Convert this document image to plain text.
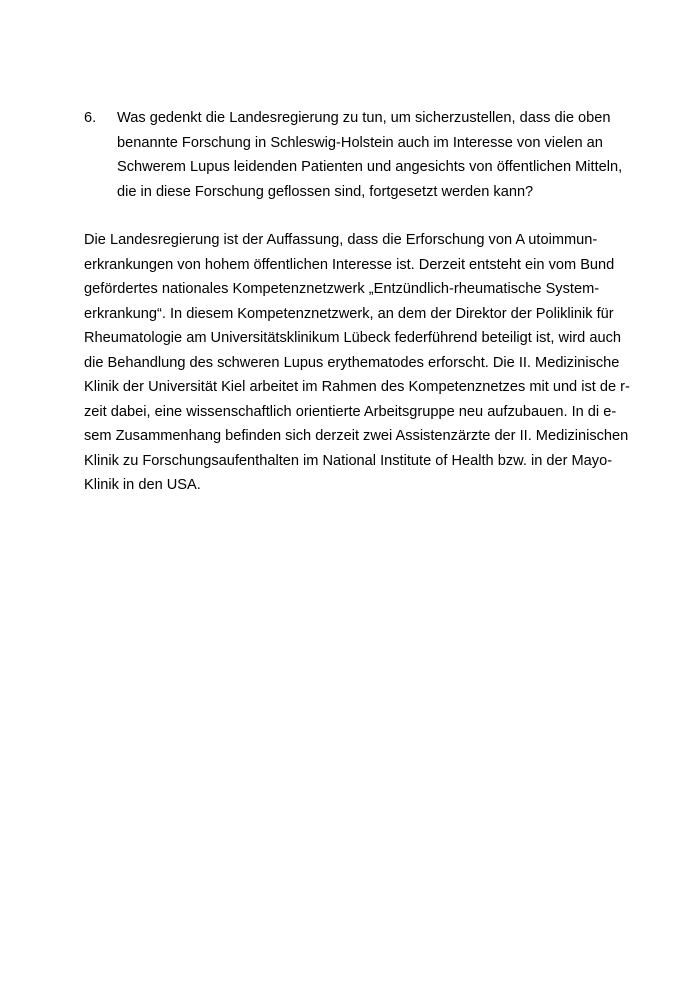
6. Was gedenkt die Landesregierung zu tun, um sicherzustellen, dass die oben
benannte Forschung in Schleswig-Holstein auch im Interesse von vielen an
Schwerem Lupus leidenden Patienten und angesichts von öffentlichen Mitteln,
die in diese Forschung geflossen sind, fortgesetzt werden kann?
Die Landesregierung ist der Auffassung, dass die Erforschung von A utoimmun-
erkrankungen von hohem öffentlichen Interesse ist. Derzeit entsteht ein vom Bund
gefördertes nationales Kompetenznetzwerk „Entzündlich-rheumatische System-
erkrankung“. In diesem Kompetenznetzwerk, an dem der Direktor der Poliklinik für
Rheumatologie am Universitätsklinikum Lübeck federführend beteiligt ist, wird auch
die Behandlung des schweren Lupus erythematodes erforscht. Die II. Medizinische
Klinik der Universität Kiel arbeitet im Rahmen des Kompetenznetzes mit und ist de r-
zeit dabei, eine wissenschaftlich orientierte Arbeitsgruppe neu aufzubauen. In di e-
sem Zusammenhang befinden sich derzeit zwei Assistenzärzte der II. Medizinischen
Klinik zu Forschungsaufenthalten im National Institute of Health bzw. in der Mayo-
Klinik in den USA.
